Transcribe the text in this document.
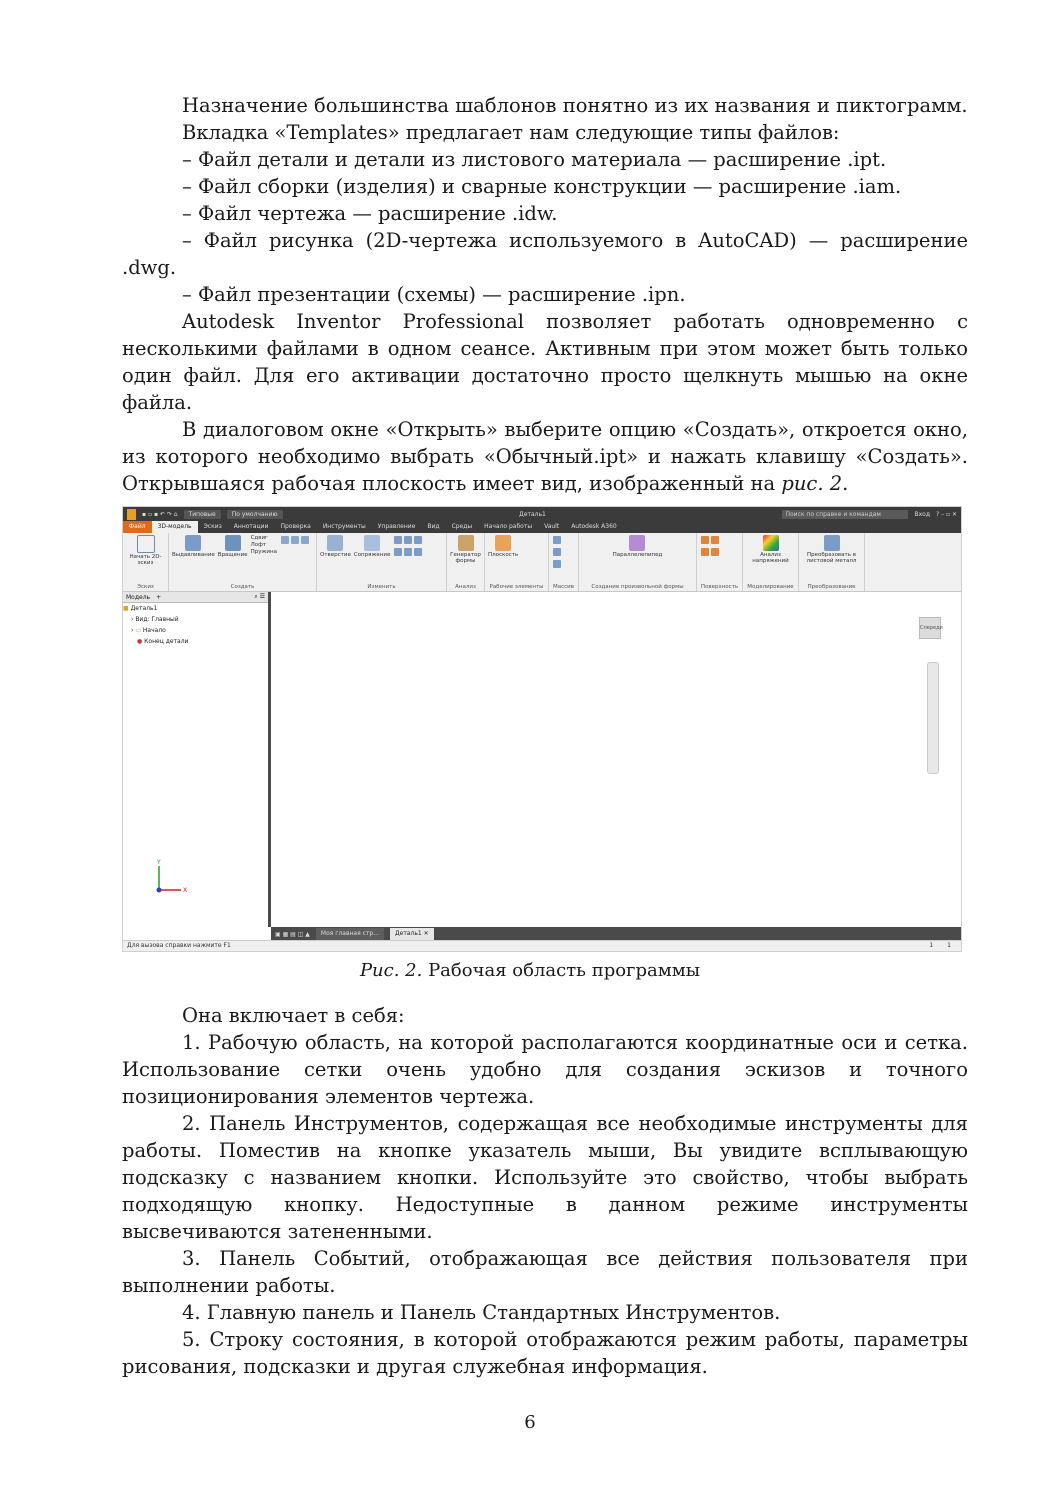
Назначение большинства шаблонов понятно из их названия и пиктограмм.

Вкладка «Templates» предлагает нам следующие типы файлов:

– Файл детали и детали из листового материала — расширение .ipt.

– Файл сборки (изделия) и сварные конструкции — расширение .iam.

– Файл чертежа — расширение .idw.

– Файл рисунка (2D-чертежа используемого в AutoCAD) — расширение .dwg.

– Файл презентации (схемы) — расширение .ipn.

Autodesk Inventor Professional позволяет работать одновременно с несколькими файлами в одном сеансе. Активным при этом может быть только один файл. Для его активации достаточно просто щелкнуть мышью на окне файла.

В диалоговом окне «Открыть» выберите опцию «Создать», откроется окно, из которого необходимо выбрать «Обычный.ipt» и нажать клавишу «Создать». Открывшаяся рабочая плоскость имеет вид, изображенный на рис. 2.

▪ ▫ ▪ ↶ ↷ ⌂	Типовые	По умолчанию	Деталь1	Поиск по справке и командам	Вход ? – ▫ ✕
Файл	3D-модель	Эскиз	Аннотации	Проверка	Инструменты	Управление	Вид	Среды	Начало работы	Vault	Autodesk A360
Начать 2D-эскиз
Эскиз
Выдавливание Вращение
Сдвиг
Лофт
Пружина
Создать
Отверстие Сопряжение

Изменить
Генератор формы
Анализ
Плоскость
Рабочие элементы Массив
Параллелепипед
Создание произвольной формы	Поверхность
Анализ напряжений
Моделирование
Преобразовать в листовой металл
Преобразование
Модель +	⌕ ☰
■ Деталь1
› Вид: Главный
› ▭ Начало
● Конец детали
Спереди
Y
X
▣ ▦ ▤ ◫ ▲	Моя главная стр...	Деталь1 ✕
Для вызова справки нажмите F1	1 1
Рис. 2. Рабочая область программы

Она включает в себя:

1. Рабочую область, на которой располагаются координатные оси и сетка. Использование сетки очень удобно для создания эскизов и точного позиционирования элементов чертежа.

2. Панель Инструментов, содержащая все необходимые инструменты для работы. Поместив на кнопке указатель мыши, Вы увидите всплывающую подсказку с названием кнопки. Используйте это свойство, чтобы выбрать подходящую кнопку. Недоступные в данном режиме инструменты высвечиваются затененными.

3. Панель Событий, отображающая все действия пользователя при выполнении работы.

4. Главную панель и Панель Стандартных Инструментов.

5. Строку состояния, в которой отображаются режим работы, параметры рисования, подсказки и другая служебная информация.

6
